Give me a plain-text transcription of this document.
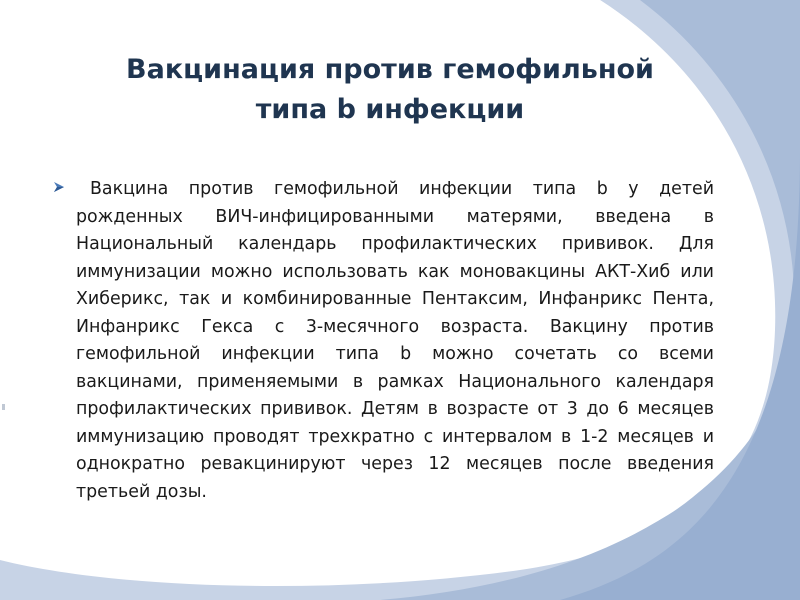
Вакцинация против гемофильной
типа b инфекции

Вакцина против гемофильной инфекции типа b у детей рожденных ВИЧ-инфицированными матерями, введена в Национальный календарь профилактических прививок. Для иммунизации можно использовать как моновакцины АКТ-Хиб или Хиберикс, так и комбинированные Пентаксим, Инфанрикс Пента, Инфанрикс Гекса с 3-месячного возраста. Вакцину против гемофильной инфекции типа b можно сочетать со всеми вакцинами, применяемыми в рамках Национального календаря профилактических прививок. Детям в возрасте от 3 до 6 месяцев иммунизацию проводят трехкратно с интервалом в 1-2 месяцев и однократно ревакцинируют через 12 месяцев после введения третьей дозы.
